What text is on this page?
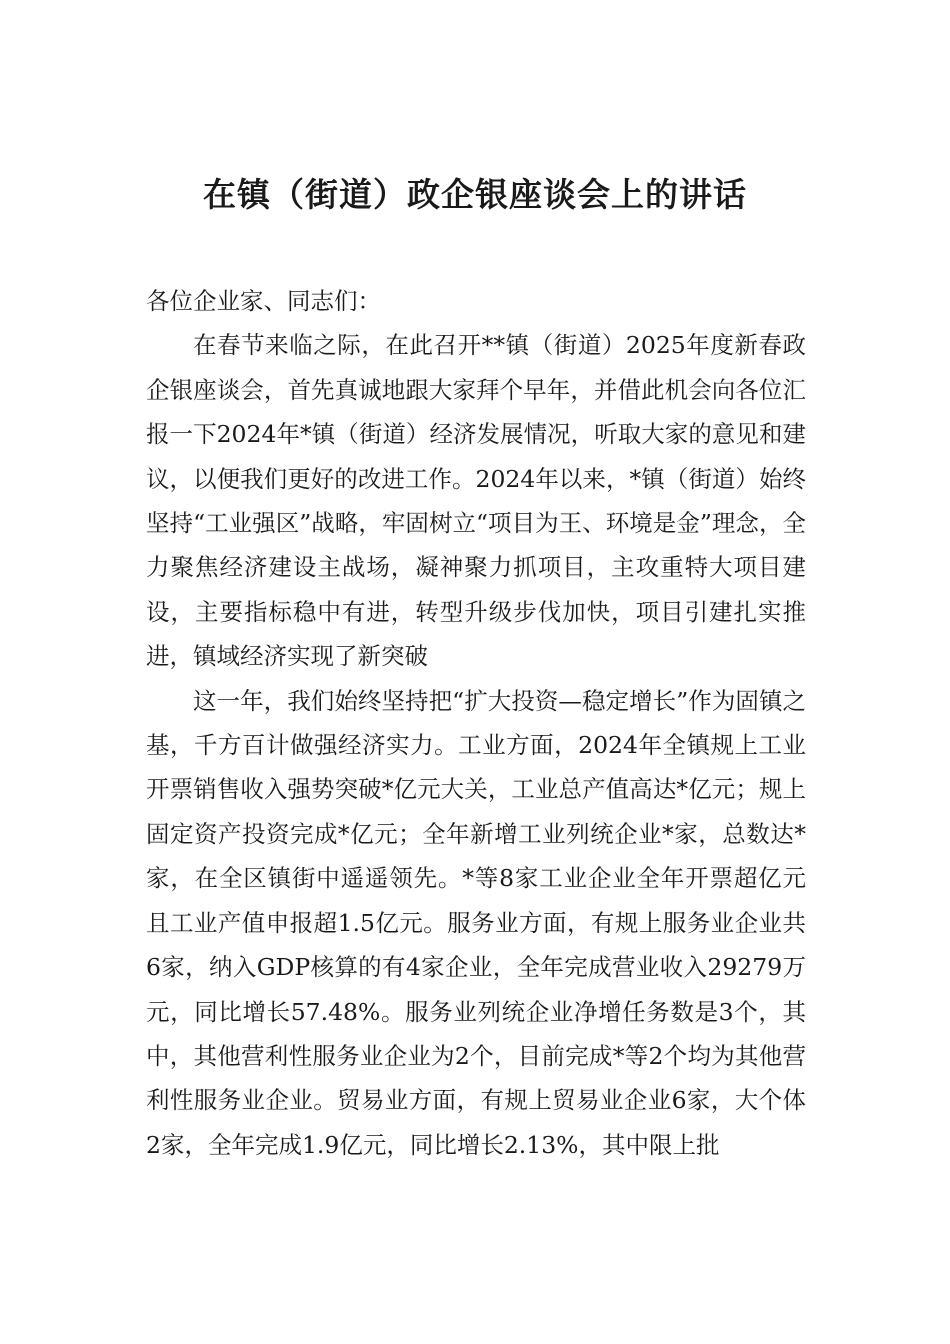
在镇（街道）政企银座谈会上的讲话

各位企业家、同志们：

在春节来临之际，在此召开**镇（街道）2025年度新春政企银座谈会，首先真诚地跟大家拜个早年，并借此机会向各位汇报一下2024年*镇（街道）经济发展情况，听取大家的意见和建议，以便我们更好的改进工作。2024年以来，*镇（街道）始终坚持“工业强区”战略，牢固树立“项目为王、环境是金”理念，全力聚焦经济建设主战场，凝神聚力抓项目，主攻重特大项目建设，主要指标稳中有进，转型升级步伐加快，项目引建扎实推进，镇域经济实现了新突破

这一年，我们始终坚持把“扩大投资—稳定增长”作为固镇之基，千方百计做强经济实力。工业方面，2024年全镇规上工业开票销售收入强势突破*亿元大关，工业总产值高达*亿元；规上固定资产投资完成*亿元；全年新增工业列统企业*家，总数达*家，在全区镇街中遥遥领先。*等8家工业企业全年开票超亿元且工业产值申报超1.5亿元。服务业方面，有规上服务业企业共6家，纳入GDP核算的有4家企业，全年完成营业收入29279万元，同比增长57.48%。服务业列统企业净增任务数是3个，其中，其他营利性服务业企业为2个，目前完成*等2个均为其他营利性服务业企业。贸易业方面，有规上贸易业企业6家，大个体2家，全年完成1.9亿元，同比增长2.13%，其中限上批
